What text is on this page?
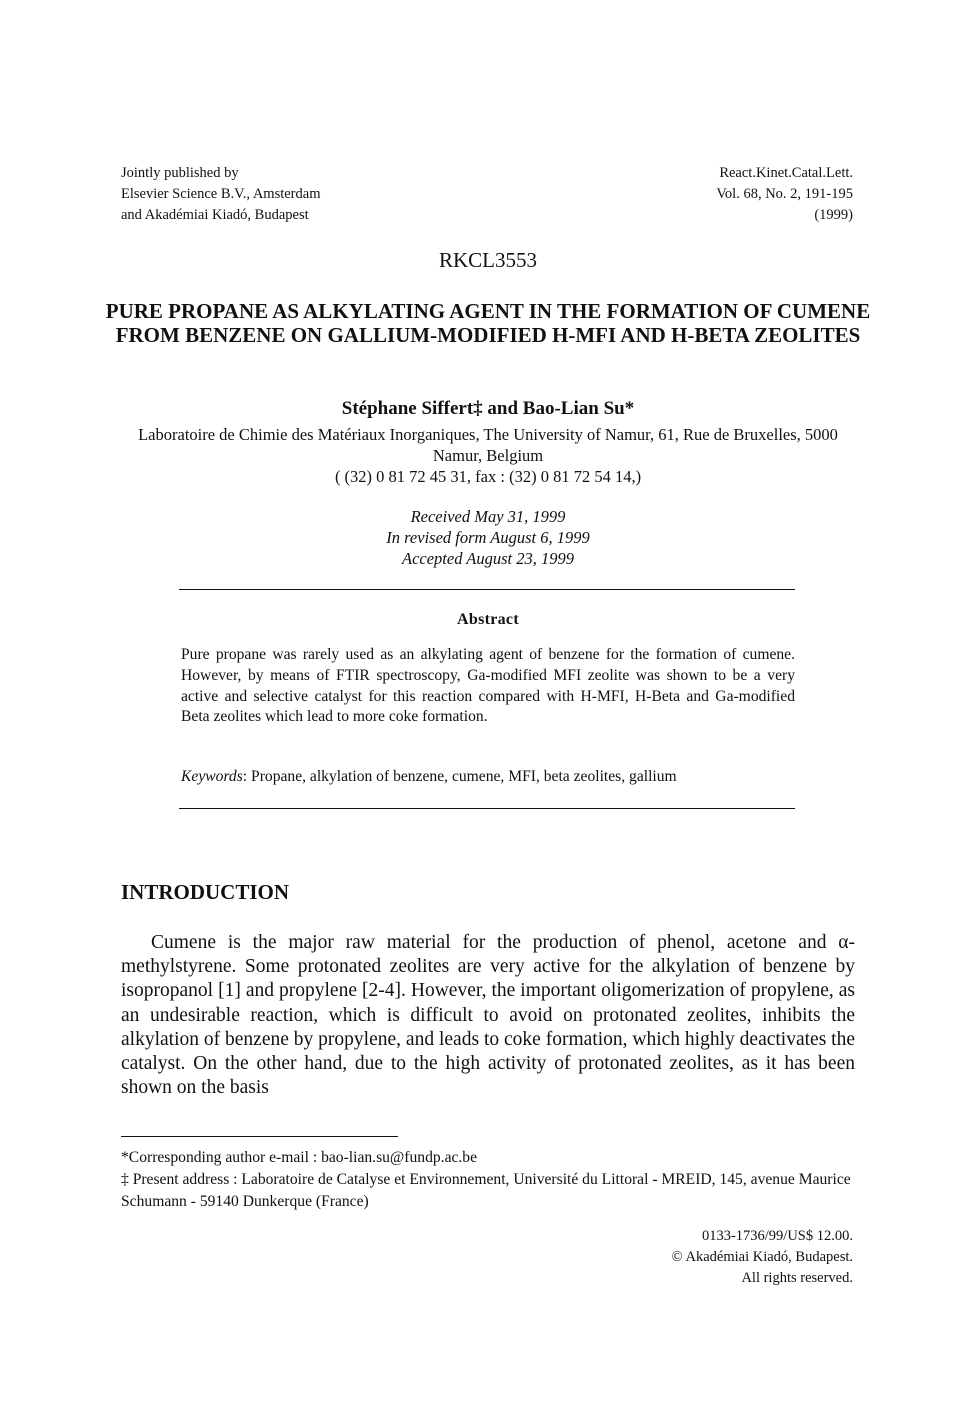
Jointly published by
Elsevier Science B.V., Amsterdam
and Akadémiai Kiadó, Budapest
React.Kinet.Catal.Lett.
Vol. 68, No. 2, 191-195
(1999)
RKCL3553
PURE PROPANE AS ALKYLATING AGENT IN THE FORMATION OF CUMENE FROM BENZENE ON GALLIUM-MODIFIED H-MFI AND H-BETA ZEOLITES
Stéphane Siffert‡ and Bao-Lian Su*
Laboratoire de Chimie des Matériaux Inorganiques, The University of Namur, 61, Rue de Bruxelles, 5000 Namur, Belgium
( (32) 0 81 72 45 31, fax : (32) 0 81 72 54 14,)
Received May 31, 1999
In revised form August 6, 1999
Accepted August 23, 1999
Abstract
Pure propane was rarely used as an alkylating agent of benzene for the formation of cumene. However, by means of FTIR spectroscopy, Ga-modified MFI zeolite was shown to be a very active and selective catalyst for this reaction compared with H-MFI, H-Beta and Ga-modified Beta zeolites which lead to more coke formation.
Keywords: Propane, alkylation of benzene, cumene, MFI, beta zeolites, gallium
INTRODUCTION
Cumene is the major raw material for the production of phenol, acetone and α-methylstyrene. Some protonated zeolites are very active for the alkylation of benzene by isopropanol [1] and propylene [2-4]. However, the important oligomerization of propylene, as an undesirable reaction, which is difficult to avoid on protonated zeolites, inhibits the alkylation of benzene by propylene, and leads to coke formation, which highly deactivates the catalyst. On the other hand, due to the high activity of protonated zeolites, as it has been shown on the basis
*Corresponding author e-mail : bao-lian.su@fundp.ac.be
‡ Present address : Laboratoire de Catalyse et Environnement, Université du Littoral - MREID, 145, avenue Maurice Schumann - 59140 Dunkerque (France)
0133-1736/99/US$ 12.00.
© Akadémiai Kiadó, Budapest.
All rights reserved.
